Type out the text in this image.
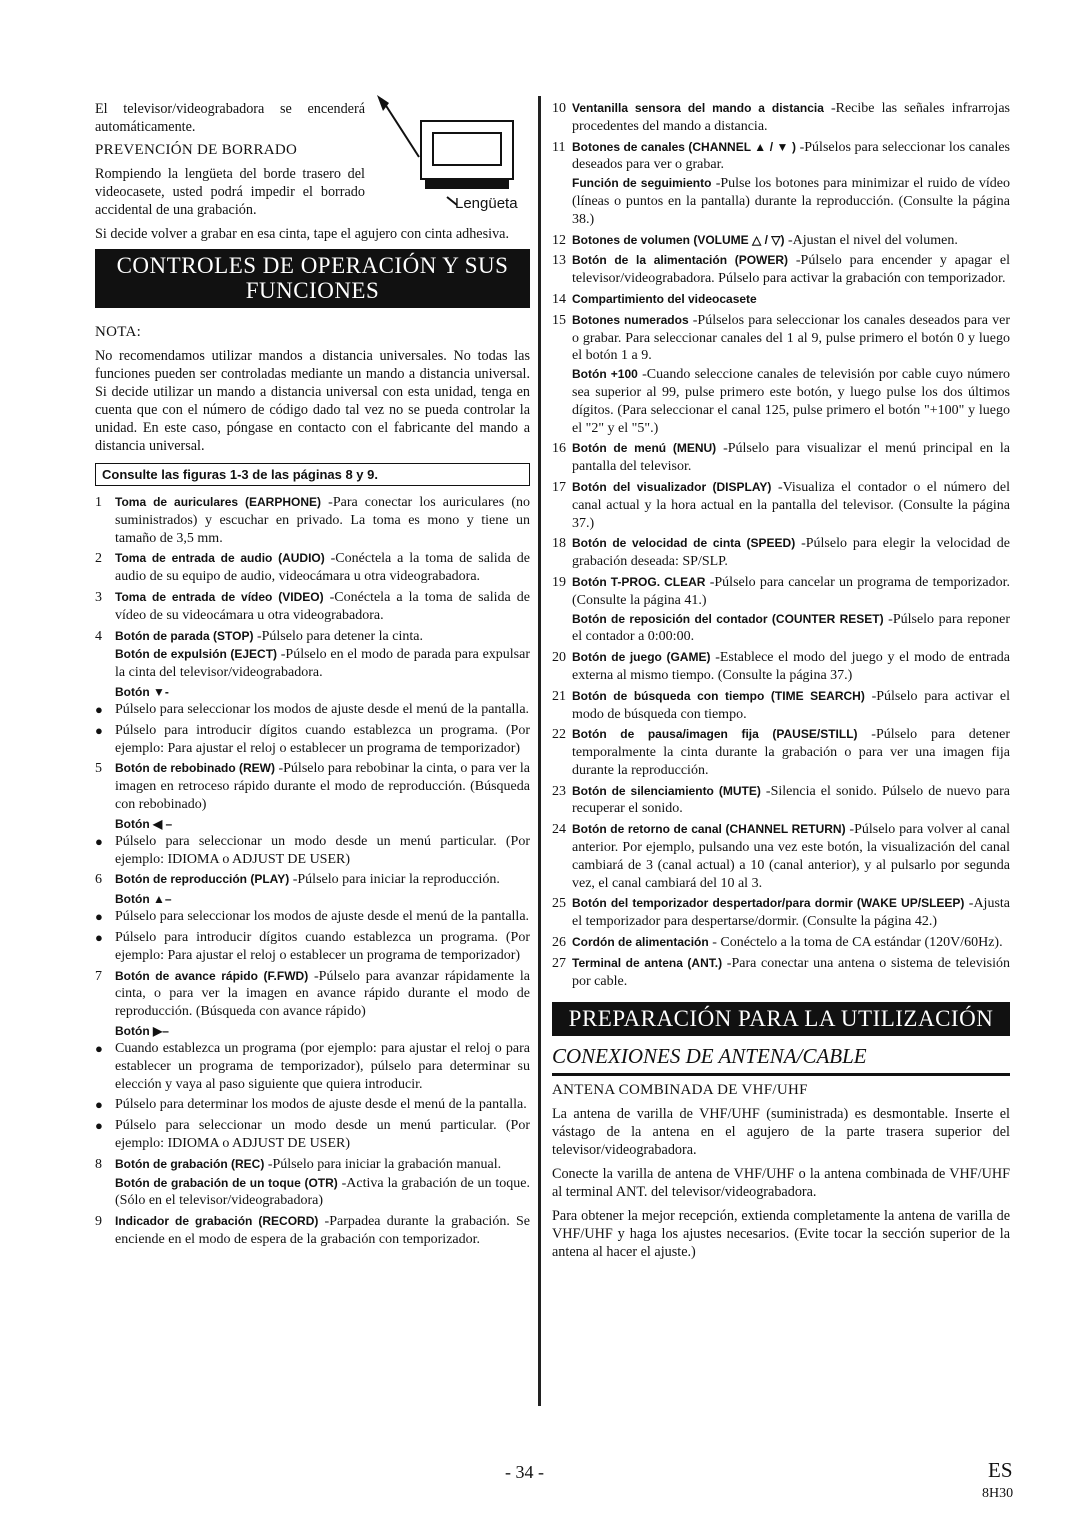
Lengüeta

El televisor/videograbadora se encenderá automáticamente.

PREVENCIÓN DE BORRADO

Rompiendo la lengüeta del borde trasero del videocasete, usted podrá impedir el borrado accidental de una grabación.

Si decide volver a grabar en esa cinta, tape el agujero con cinta adhesiva.

CONTROLES DE OPERACIÓN Y SUS
FUNCIONES
NOTA:

No recomendamos utilizar mandos a distancia universales. No todas las funciones pueden ser controladas mediante un mando a distancia universal. Si decide utilizar un mando a distancia universal con esta unidad, tenga en cuenta que con el número de código dado tal vez no se pueda controlar la unidad. En este caso, póngase en contacto con el fabricante del mando a distancia universal.

Consulte las figuras 1-3 de las páginas 8 y 9.
1	Toma de auriculares (EARPHONE) -Para conectar los auriculares (no suministrados) y escuchar en privado. La toma es mono y tiene un tamaño de 3,5 mm.
2	Toma de entrada de audio (AUDIO) -Conéctela a la toma de salida de audio de su equipo de audio, videocámara u otra videograbadora.
3	Toma de entrada de vídeo (VIDEO) -Conéctela a la toma de salida de vídeo de su videocámara u otra videograbadora.
4	Botón de parada (STOP) -Púlselo para detener la cinta.
Botón de expulsión (EJECT) -Púlselo en el modo de parada para expulsar la cinta del televisor/videograbadora.
Botón ▼-
● Púlselo para seleccionar los modos de ajuste desde el menú de la pantalla.
● Púlselo para introducir dígitos cuando establezca un programa. (Por ejemplo: Para ajustar el reloj o establecer un programa de temporizador)
5	Botón de rebobinado (REW) -Púlselo para rebobinar la cinta, o para ver la imagen en retroceso rápido durante el modo de reproducción. (Búsqueda con rebobinado)
Botón ◀ –
● Púlselo para seleccionar un modo desde un menú particular. (Por ejemplo: IDIOMA o ADJUST DE USER)
6	Botón de reproducción (PLAY) -Púlselo para iniciar la reproducción.
Botón ▲–
● Púlselo para seleccionar los modos de ajuste desde el menú de la pantalla.
● Púlselo para introducir dígitos cuando establezca un programa. (Por ejemplo: Para ajustar el reloj o establecer un programa de temporizador)
7	Botón de avance rápido (F.FWD) -Púlselo para avanzar rápidamente la cinta, o para ver la imagen en avance rápido durante el modo de reproducción. (Búsqueda con avance rápido)
Botón ▶–
● Cuando establezca un programa (por ejemplo: para ajustar el reloj o para establecer un programa de temporizador), púlselo para determinar su elección y vaya al paso siguiente que quiera introducir.
● Púlselo para determinar los modos de ajuste desde el menú de la pantalla.
● Púlselo para seleccionar un modo desde un menú particular. (Por ejemplo: IDIOMA o ADJUST DE USER)
8	Botón de grabación (REC) -Púlselo para iniciar la grabación manual.
Botón de grabación de un toque (OTR) -Activa la grabación de un toque. (Sólo en el televisor/videograbadora)
9	Indicador de grabación (RECORD) -Parpadea durante la grabación. Se enciende en el modo de espera de la grabación con temporizador.
10 Ventanilla sensora del mando a distancia -Recibe las señales infrarrojas procedentes del mando a distancia.
11 Botones de canales (CHANNEL ▲ / ▼ ) -Púlselos para seleccionar los canales deseados para ver o grabar.
Función de seguimiento -Pulse los botones para minimizar el ruido de vídeo (líneas o puntos en la pantalla) durante la reproducción. (Consulte la página 38.)
12 Botones de volumen (VOLUME △ / ▽) -Ajustan el nivel del volumen.
13 Botón de la alimentación (POWER) -Púlselo para encender y apagar el televisor/videograbadora. Púlselo para activar la grabación con temporizador.
14 Compartimiento del videocasete
15 Botones numerados -Púlselos para seleccionar los canales deseados para ver o grabar. Para seleccionar canales del 1 al 9, pulse primero el botón 0 y luego el botón 1 a 9.
Botón +100 -Cuando seleccione canales de televisión por cable cuyo número sea superior al 99, pulse primero este botón, y luego pulse los dos últimos dígitos. (Para seleccionar el canal 125, pulse primero el botón "+100" y luego el "2" y el "5".)
16 Botón de menú (MENU) -Púlselo para visualizar el menú principal en la pantalla del televisor.
17 Botón del visualizador (DISPLAY) -Visualiza el contador o el número del canal actual y la hora actual en la pantalla del televisor. (Consulte la página 37.)
18 Botón de velocidad de cinta (SPEED) -Púlselo para elegir la velocidad de grabación deseada: SP/SLP.
19 Botón T-PROG. CLEAR -Púlselo para cancelar un programa de temporizador. (Consulte la página 41.)
Botón de reposición del contador (COUNTER RESET) -Púlselo para reponer el contador a 0:00:00.
20 Botón de juego (GAME) -Establece el modo del juego y el modo de entrada externa al mismo tiempo. (Consulte la página 37.)
21 Botón de búsqueda con tiempo (TIME SEARCH) -Púlselo para activar el modo de búsqueda con tiempo.
22 Botón de pausa/imagen fija (PAUSE/STILL) -Púlselo para detener temporalmente la cinta durante la grabación o para ver una imagen fija durante la reproducción.
23 Botón de silenciamiento (MUTE) -Silencia el sonido. Púlselo de nuevo para recuperar el sonido.
24 Botón de retorno de canal (CHANNEL RETURN) -Púlselo para volver al canal anterior. Por ejemplo, pulsando una vez este botón, la visualización del canal cambiará de 3 (canal actual) a 10 (canal anterior), y al pulsarlo por segunda vez, el canal cambiará del 10 al 3.
25 Botón del temporizador despertador/para dormir (WAKE UP/SLEEP) -Ajusta el temporizador para despertarse/dormir. (Consulte la página 42.)
26 Cordón de alimentación - Conéctelo a la toma de CA estándar (120V/60Hz).
27 Terminal de antena (ANT.) -Para conectar una antena o sistema de televisión por cable.
PREPARACIÓN PARA LA UTILIZACIÓN
CONEXIONES DE ANTENA/CABLE
ANTENA COMBINADA DE VHF/UHF

La antena de varilla de VHF/UHF (suministrada) es desmontable. Inserte el vástago de la antena en el agujero de la parte trasera superior del televisor/videograbadora.

Conecte la varilla de antena de VHF/UHF o la antena combinada de VHF/UHF al terminal ANT. del televisor/videograbadora.

Para obtener la mejor recepción, extienda completamente la antena de varilla de VHF/UHF y haga los ajustes necesarios. (Evite tocar la sección superior de la antena al hacer el ajuste.)

- 34 -	ES
8H30
